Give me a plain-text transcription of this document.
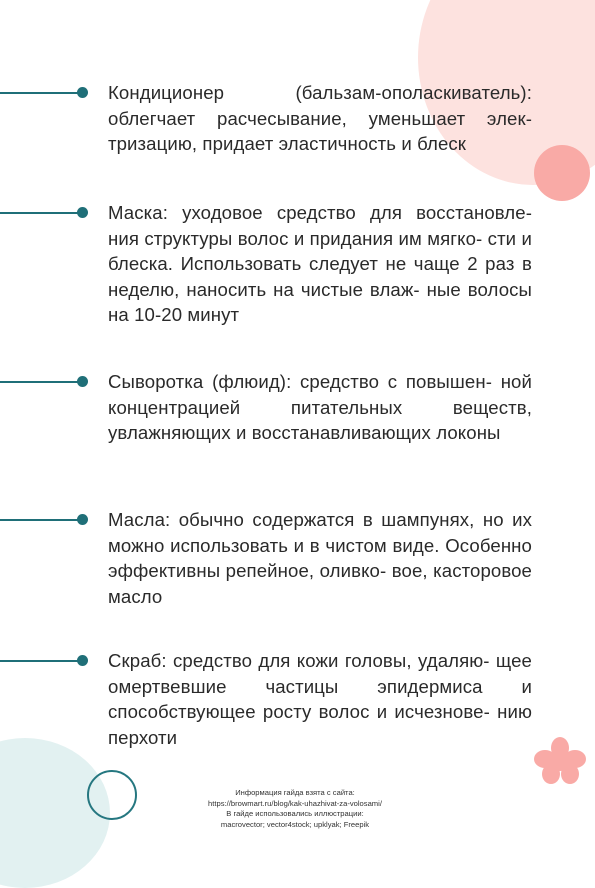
Кондиционер (бальзам-ополаскиватель): облегчает расчесывание, уменьшает элек- тризацию, придает эластичность и блеск
Маска: уходовое средство для восстановле- ния структуры волос и придания им мягко- сти и блеска. Использовать следует не чаще 2 раз в неделю, наносить на чистые влаж- ные волосы на 10-20 минут
Сыворотка (флюид): средство с повышен- ной концентрацией питательных веществ, увлажняющих и восстанавливающих локоны
Масла: обычно содержатся в шампунях, но их можно использовать и в чистом виде. Особенно эффективны репейное, оливко- вое, касторовое масло
Скраб: средство для кожи головы, удаляю- щее омертвевшие частицы эпидермиса и способствующее росту волос и исчезнове- нию перхоти
Информация гайда взята с сайта:
https://browmart.ru/blog/kak-uhazhivat-za-volosami/
В гайде использовались иллюстрации:
macrovector; vector4stock; upklyak; Freepik
